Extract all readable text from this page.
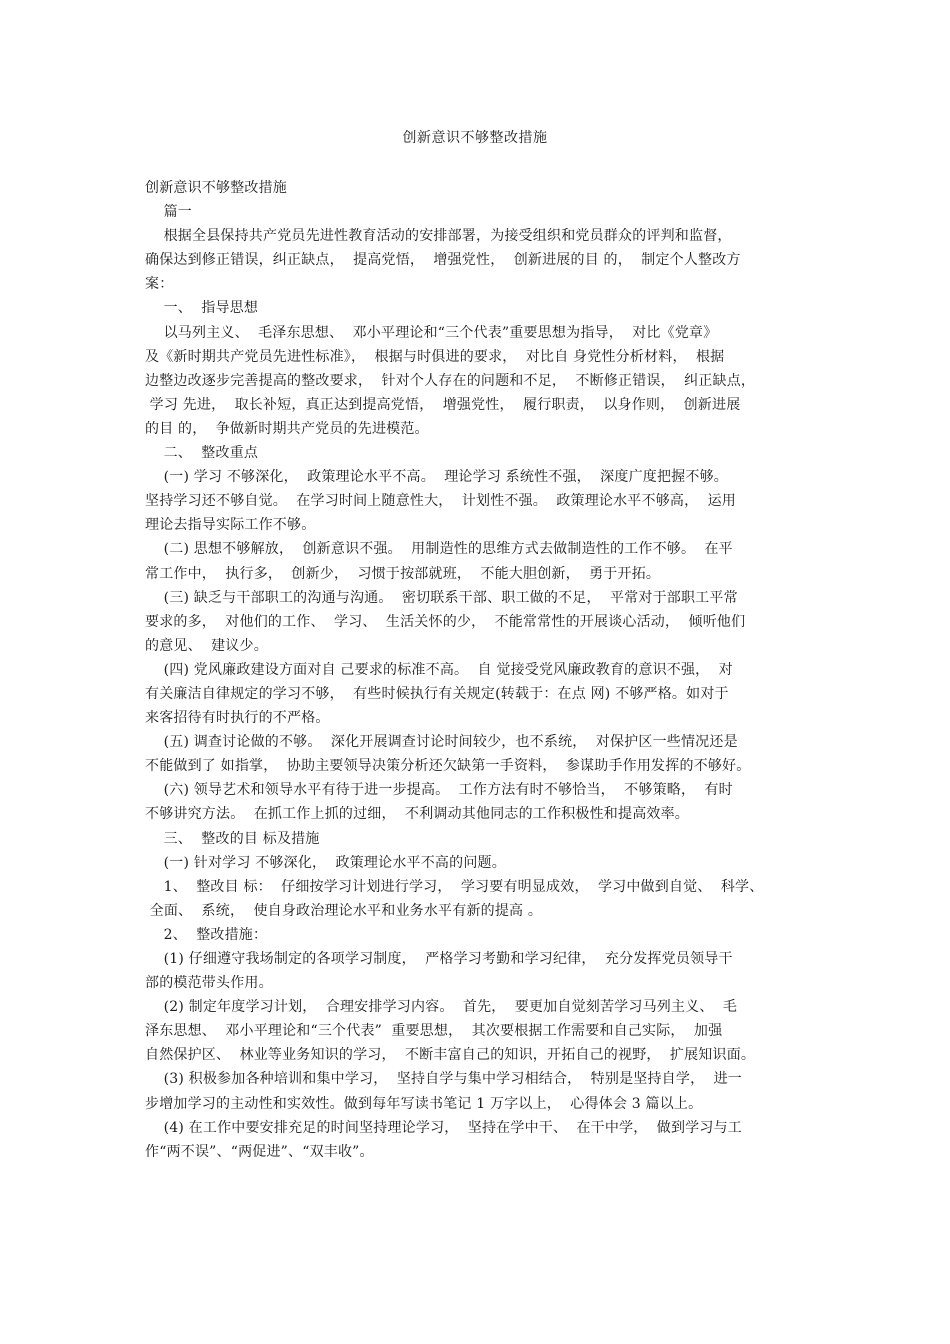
创新意识不够整改措施
创新意识不够整改措施
篇一
根据全县保持共产党员先进性教育活动的安排部署，为接受组织和党员群众的评判和监督，
确保达到修正错误，纠正缺点，  提高党悟，  增强党性，  创新进展的目 的，  制定个人整改方
案：
一、  指导思想
以马列主义、  毛泽东思想、  邓小平理论和“三个代表”重要思想为指导，  对比《党章》
及《新时期共产党员先进性标准》，  根据与时俱进的要求，  对比自 身党性分析材料，  根据
边整边改逐步完善提高的整改要求，  针对个人存在的问题和不足，  不断修正错误，  纠正缺点，
学习 先进，  取长补短，真正达到提高党悟，  增强党性，  履行职责，  以身作则，  创新进展
的目 的，  争做新时期共产党员的先进模范。
二、  整改重点
(一) 学习 不够深化，  政策理论水平不高。  理论学习 系统性不强，  深度广度把握不够。
坚持学习还不够自觉。  在学习时间上随意性大，  计划性不强。  政策理论水平不够高，  运用
理论去指导实际工作不够。
(二) 思想不够解放，  创新意识不强。  用制造性的思维方式去做制造性的工作不够。  在平
常工作中，  执行多，  创新少，  习惯于按部就班，  不能大胆创新，  勇于开拓。
(三) 缺乏与干部职工的沟通与沟通。  密切联系干部、职工做的不足，  平常对于部职工平常
要求的多，  对他们的工作、  学习、  生活关怀的少，  不能常常性的开展谈心活动，  倾听他们
的意见、  建议少。
(四) 党风廉政建设方面对自 己要求的标准不高。  自 觉接受党风廉政教育的意识不强，  对
有关廉洁自律规定的学习不够，  有些时候执行有关规定(转载于：在点 网) 不够严格。如对于
来客招待有时执行的不严格。
(五) 调查讨论做的不够。  深化开展调查讨论时间较少，也不系统，  对保护区一些情况还是
不能做到了 如指掌，  协助主要领导决策分析还欠缺第一手资料，  参谋助手作用发挥的不够好。
(六) 领导艺术和领导水平有待于进一步提高。  工作方法有时不够恰当，  不够策略，  有时
不够讲究方法。  在抓工作上抓的过细，  不利调动其他同志的工作积极性和提高效率。
三、  整改的目 标及措施
(一) 针对学习 不够深化，  政策理论水平不高的问题。
1、  整改目 标：  仔细按学习计划进行学习，  学习要有明显成效，  学习中做到自觉、  科学、
全面、  系统，  使自身政治理论水平和业务水平有新的提高 。
2、  整改措施：
(1) 仔细遵守我场制定的各项学习制度，  严格学习考勤和学习纪律，  充分发挥党员领导干
部的模范带头作用。
(2) 制定年度学习计划，  合理安排学习内容。  首先，  要更加自觉刻苦学习马列主义、  毛
泽东思想、  邓小平理论和“三个代表”  重要思想，  其次要根据工作需要和自己实际，  加强
自然保护区、  林业等业务知识的学习，  不断丰富自己的知识，开拓自己的视野，  扩展知识面。
(3) 积极参加各种培训和集中学习，  坚持自学与集中学习相结合，  特别是坚持自学，  进一
步增加学习的主动性和实效性。做到每年写读书笔记 1 万字以上，  心得体会 3 篇以上。
(4) 在工作中要安排充足的时间坚持理论学习，  坚持在学中干、  在干中学，  做到学习与工
作“两不误”、“两促进”、“双丰收”。
